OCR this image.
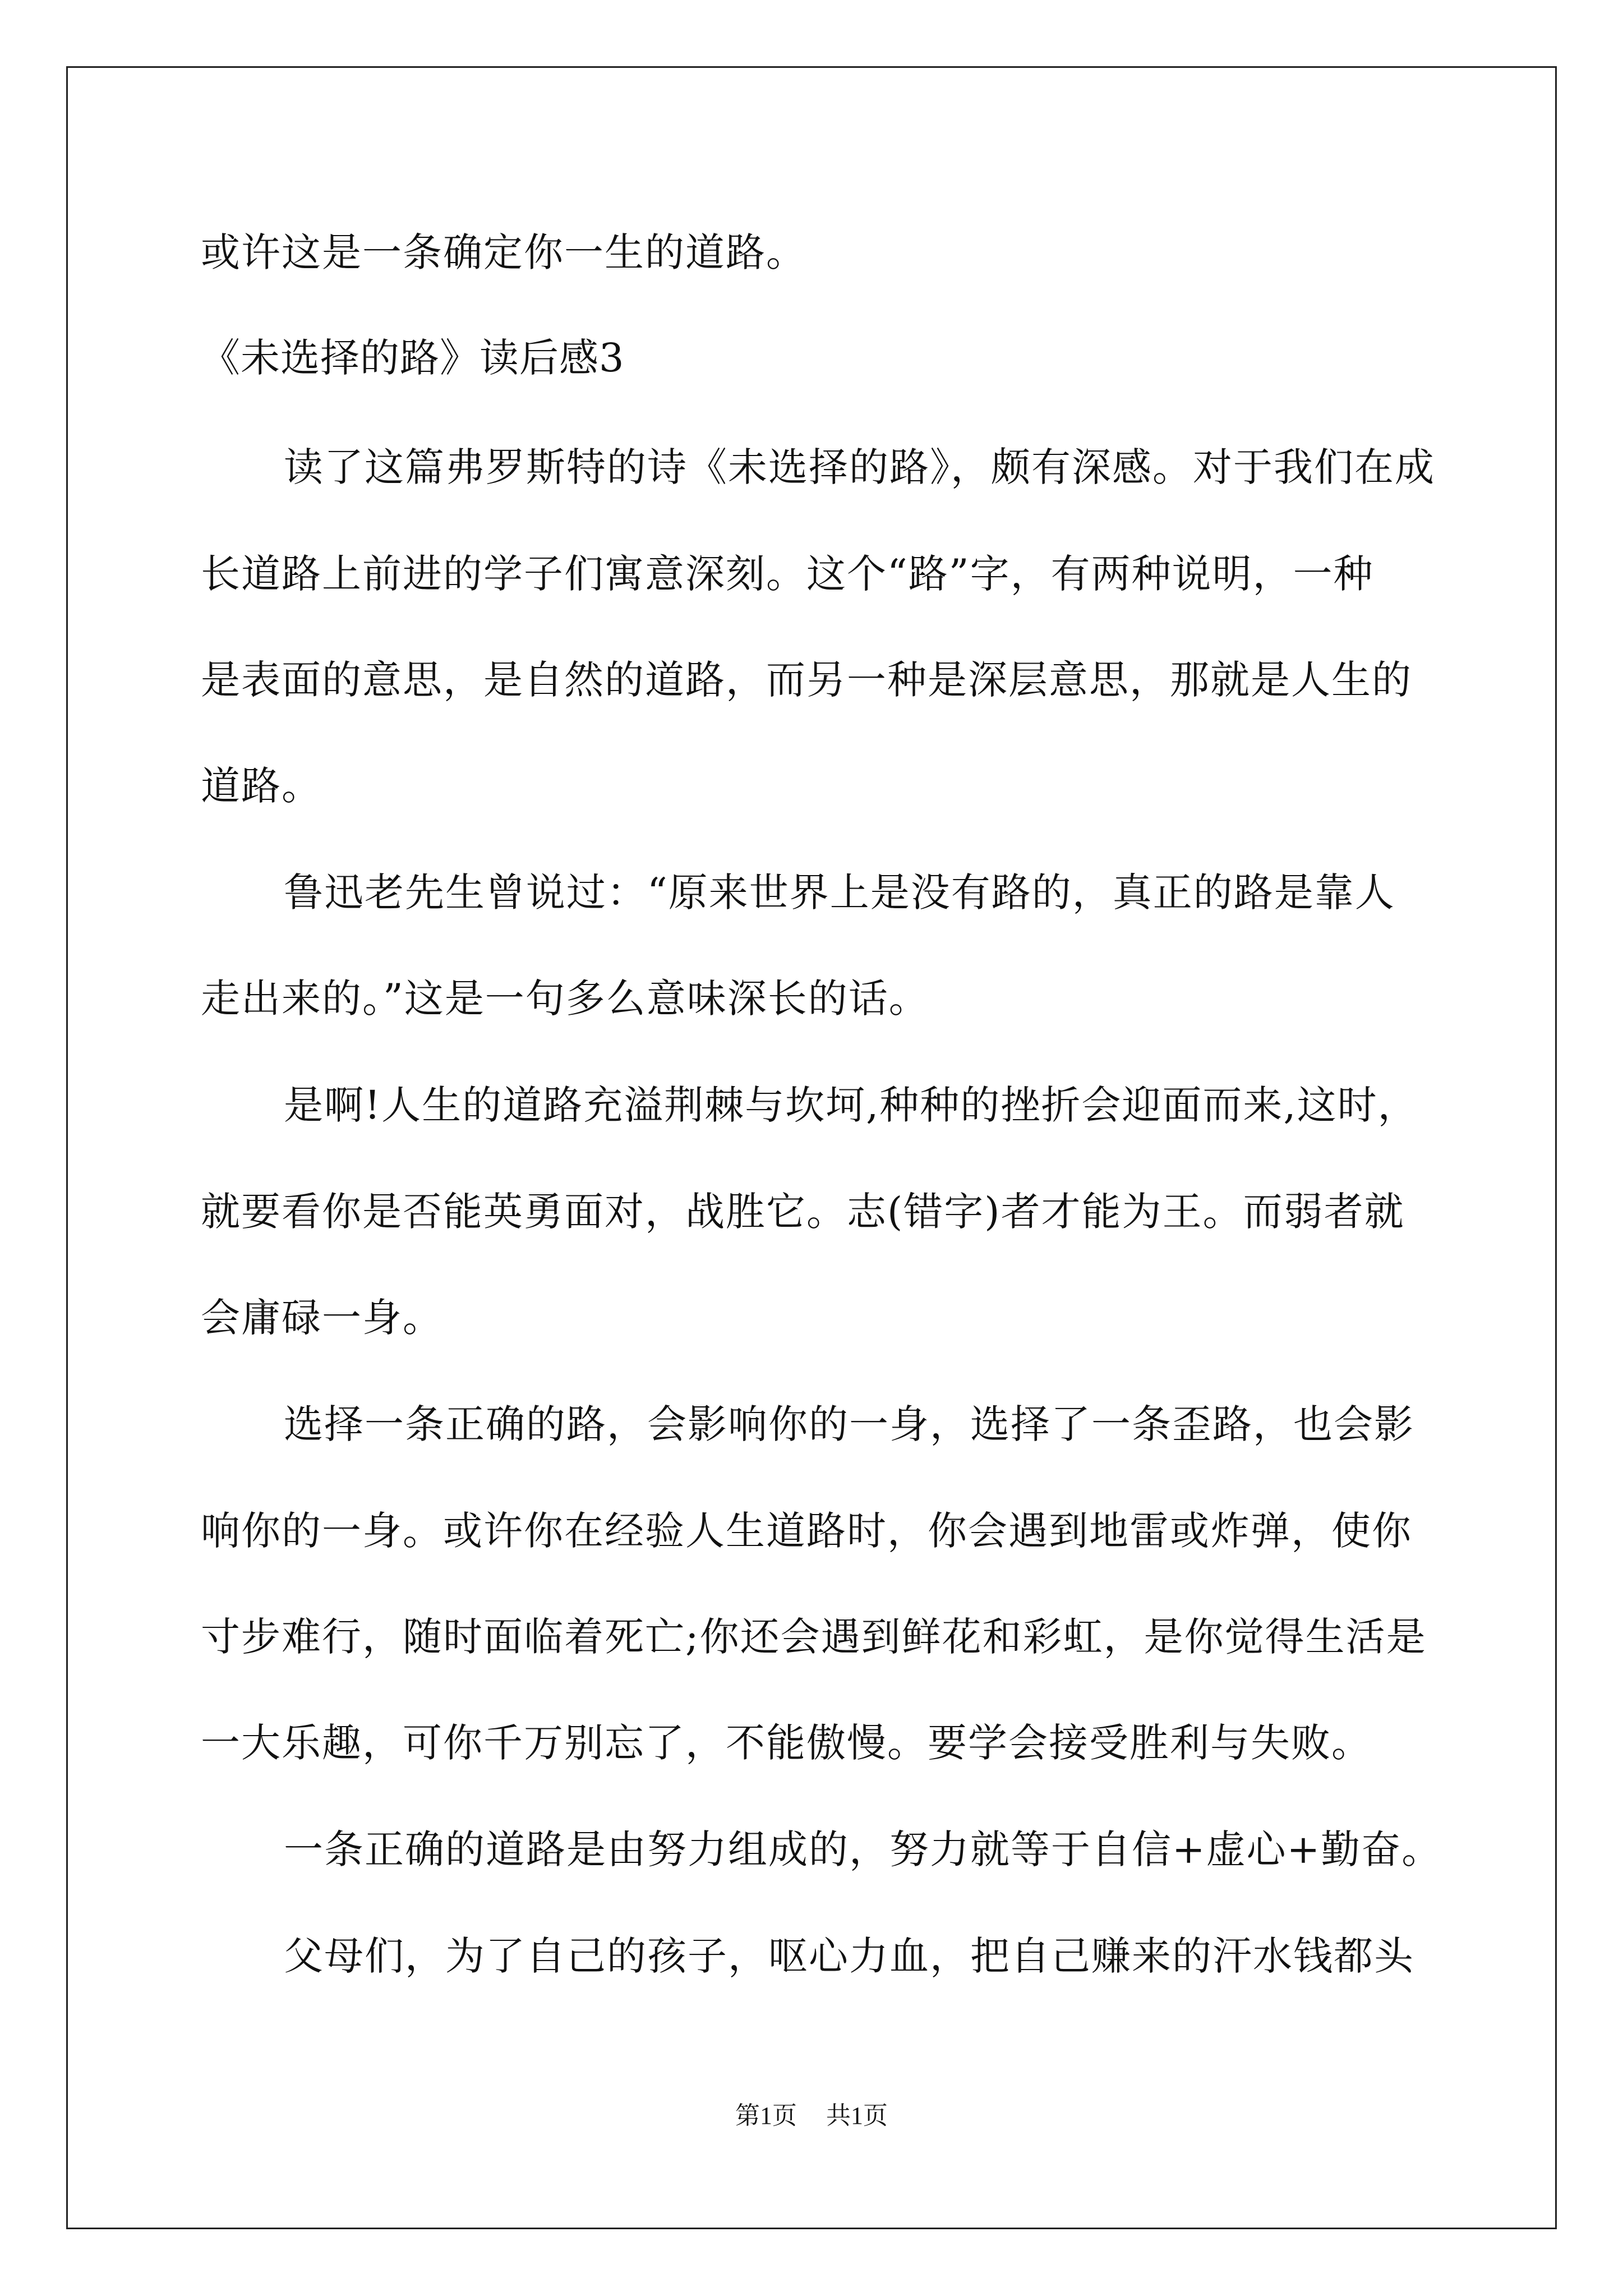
或许这是一条确定你一生的道路。
《未选择的路》读后感3
读了这篇弗罗斯特的诗《未选择的路》，颇有深感。对于我们在成
长道路上前进的学子们寓意深刻。这个“路”字，有两种说明，一种
是表面的意思，是自然的道路，而另一种是深层意思，那就是人生的
道路。
鲁迅老先生曾说过：“原来世界上是没有路的，真正的路是靠人
走出来的。”这是一句多么意味深长的话。
是啊!人生的道路充溢荆棘与坎坷,种种的挫折会迎面而来,这时，
就要看你是否能英勇面对，战胜它。志(错字)者才能为王。而弱者就
会庸碌一身。
选择一条正确的路，会影响你的一身，选择了一条歪路，也会影
响你的一身。或许你在经验人生道路时，你会遇到地雷或炸弹，使你
寸步难行，随时面临着死亡;你还会遇到鲜花和彩虹，是你觉得生活是
一大乐趣，可你千万别忘了，不能傲慢。要学会接受胜利与失败。
一条正确的道路是由努力组成的，努力就等于自信+虚心+勤奋。
父母们，为了自己的孩子，呕心力血，把自己赚来的汗水钱都头
第1页 共1页
